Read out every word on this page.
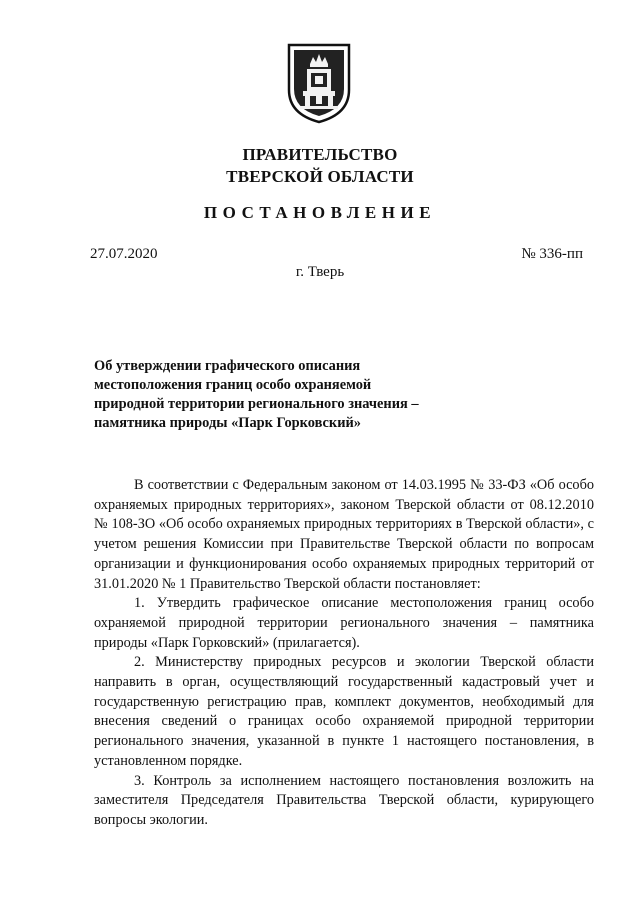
ПРАВИТЕЛЬСТВО
ТВЕРСКОЙ ОБЛАСТИ
ПОСТАНОВЛЕНИЕ
27.07.2020	№ 336-пп
г. Тверь
Об утверждении графического описания
местоположения границ особо охраняемой
природной территории регионального значения –
памятника природы «Парк Горковский»

В соответствии с Федеральным законом от 14.03.1995 № 33-ФЗ «Об особо охраняемых природных территориях», законом Тверской области от 08.12.2010 № 108-ЗО «Об особо охраняемых природных территориях в Тверской области», с учетом решения Комиссии при Правительстве Тверской области по вопросам организации и функционирования особо охраняемых природных территорий от 31.01.2020 № 1 Правительство Тверской области постановляет:

1. Утвердить графическое описание местоположения границ особо охраняемой природной территории регионального значения – памятника природы «Парк Горковский» (прилагается).

2. Министерству природных ресурсов и экологии Тверской области направить в орган, осуществляющий государственный кадастровый учет и государственную регистрацию прав, комплект документов, необходимый для внесения сведений о границах особо охраняемой природной территории регионального значения, указанной в пункте 1 настоящего постановления, в установленном порядке.

3. Контроль за исполнением настоящего постановления возложить на заместителя Председателя Правительства Тверской области, курирующего вопросы экологии.
